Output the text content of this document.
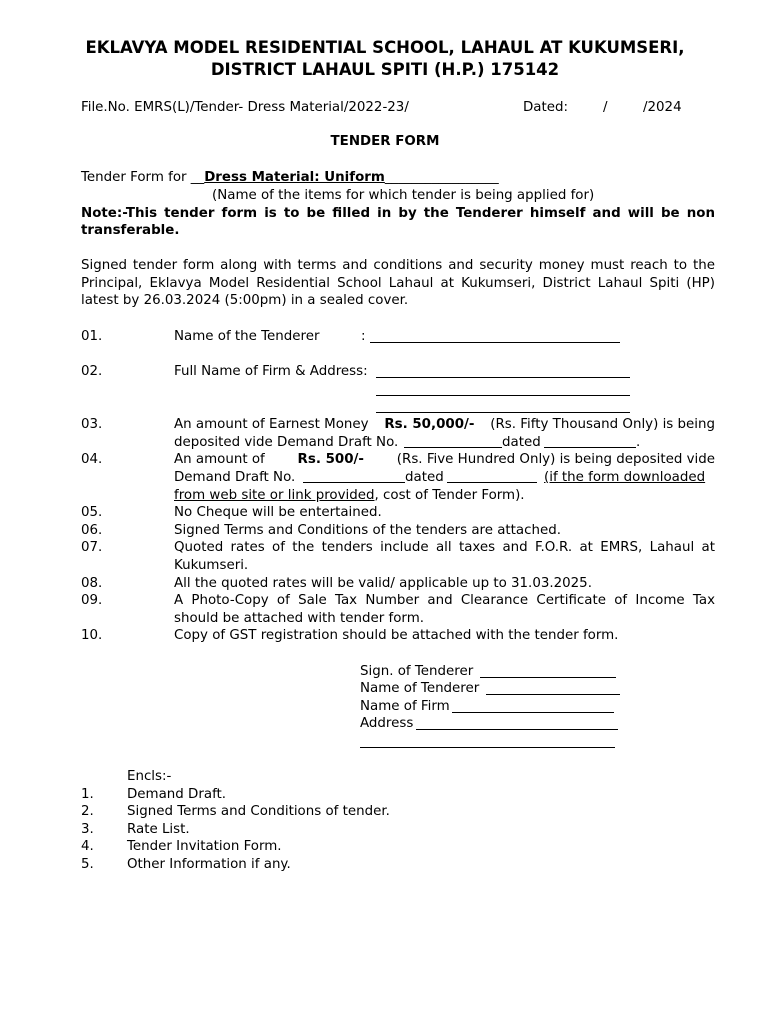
EKLAVYA MODEL RESIDENTIAL SCHOOL, LAHAUL AT KUKUMSERI,
DISTRICT LAHAUL SPITI (H.P.) 175142
File.No. EMRS(L)/Tender- Dress Material/2022-23/	Dated:	/	/2024
TENDER FORM
Tender Form for __Dress Material: Uniform_________________
(Name of the items for which tender is being applied for)
Note:-This tender form is to be filled in by the Tenderer himself and will be non
transferable.
Signed tender form along with terms and conditions and security money must reach to the
Principal, Eklavya Model Residential School Lahaul at Kukumseri, District Lahaul Spiti (HP)
latest by 26.03.2024 (5:00pm) in a sealed cover.
01.	Name of the Tenderer	:
02.	Full Name of Firm & Address:
03.	An amount of Earnest Money Rs. 50,000/- (Rs. Fifty Thousand Only) is being
deposited vide Demand Draft No.	dated	.
04.	An amount of Rs. 500/- (Rs. Five Hundred Only) is being deposited vide
Demand Draft No.	dated	(if the form downloaded
from web site or link provided, cost of Tender Form).
05.	No Cheque will be entertained.
06.	Signed Terms and Conditions of the tenders are attached.
07.	Quoted rates of the tenders include all taxes and F.O.R. at EMRS, Lahaul at
Kukumseri.
08.	All the quoted rates will be valid/ applicable up to 31.03.2025.
09.	A Photo-Copy of Sale Tax Number and Clearance Certificate of Income Tax
should be attached with tender form.
10.	Copy of GST registration should be attached with the tender form.
Sign. of Tenderer
Name of Tenderer
Name of Firm
Address
Encls:-
1. Demand Draft.
2. Signed Terms and Conditions of tender.
3. Rate List.
4. Tender Invitation Form.
5. Other Information if any.
